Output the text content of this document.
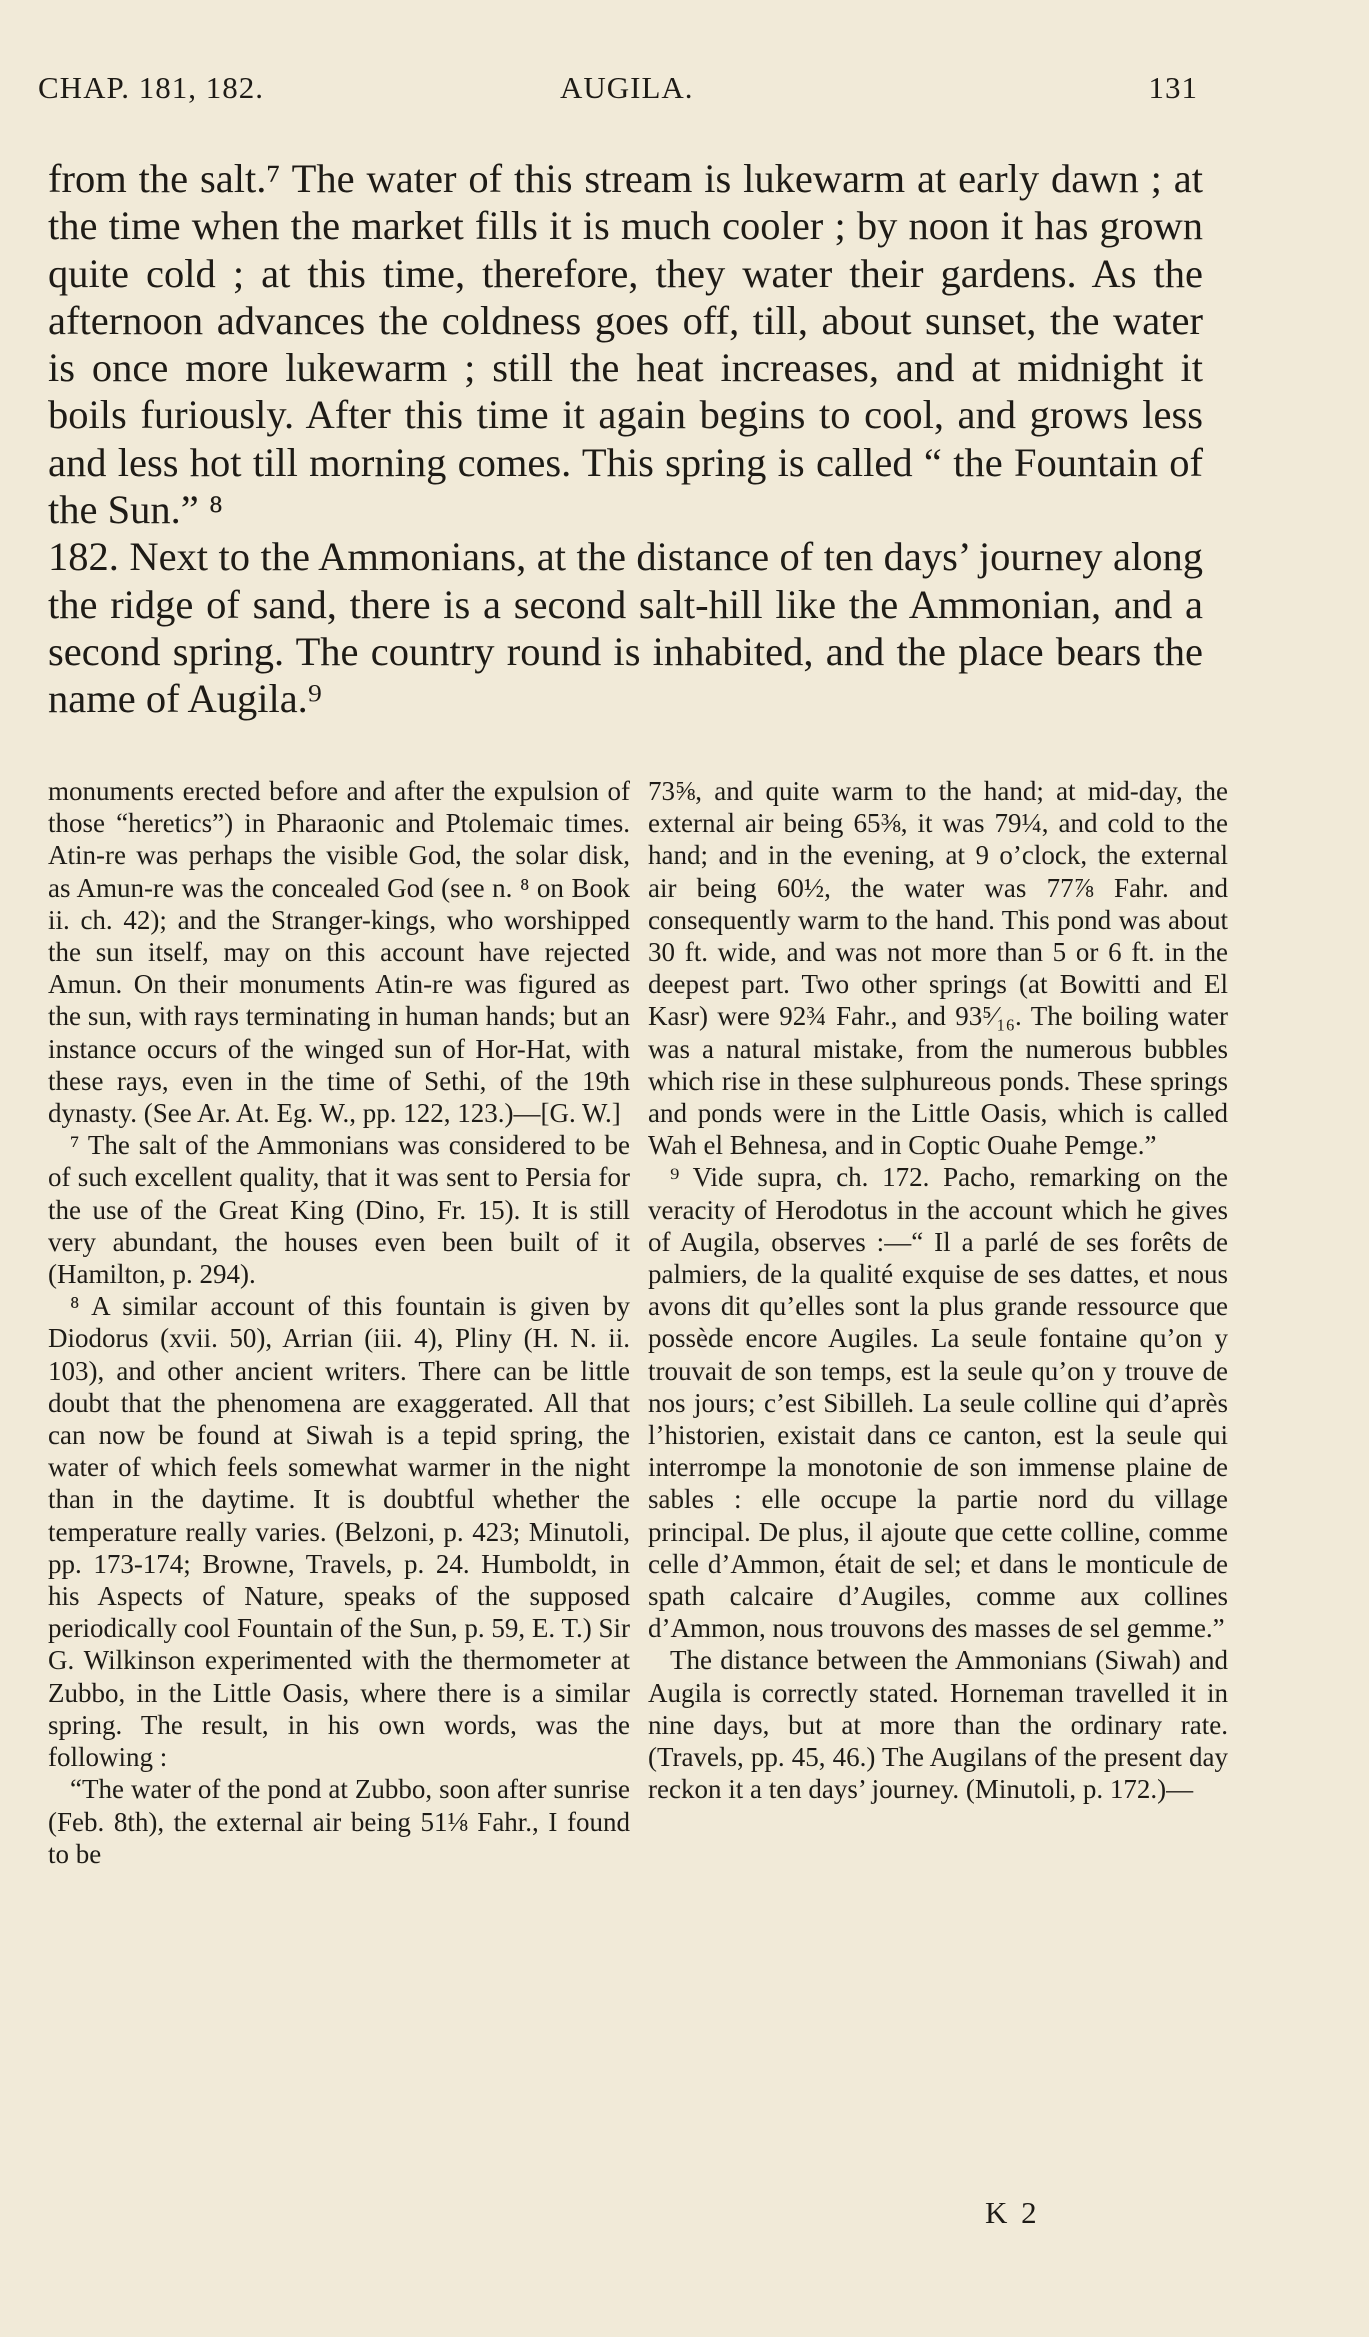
CHAP. 181, 182.	AUGILA.	131

from the salt.⁷ The water of this stream is lukewarm at early dawn ; at the time when the market fills it is much cooler ; by noon it has grown quite cold ; at this time, therefore, they water their gardens. As the afternoon advances the coldness goes off, till, about sunset, the water is once more lukewarm ; still the heat increases, and at midnight it boils furiously. After this time it again begins to cool, and grows less and less hot till morning comes. This spring is called “ the Fountain of the Sun.” ⁸

182. Next to the Ammonians, at the distance of ten days’ journey along the ridge of sand, there is a second salt-hill like the Ammonian, and a second spring. The country round is inhabited, and the place bears the name of Augila.⁹

monuments erected before and after the expulsion of those “heretics”) in Pharaonic and Ptolemaic times. Atin-re was perhaps the visible God, the solar disk, as Amun-re was the concealed God (see n. ⁸ on Book ii. ch. 42); and the Stranger-kings, who worshipped the sun itself, may on this account have rejected Amun. On their monuments Atin-re was figured as the sun, with rays terminating in human hands; but an instance occurs of the winged sun of Hor-Hat, with these rays, even in the time of Sethi, of the 19th dynasty. (See Ar. At. Eg. W., pp. 122, 123.)—[G. W.]

⁷ The salt of the Ammonians was considered to be of such excellent quality, that it was sent to Persia for the use of the Great King (Dino, Fr. 15). It is still very abundant, the houses even been built of it (Hamilton, p. 294).

⁸ A similar account of this fountain is given by Diodorus (xvii. 50), Arrian (iii. 4), Pliny (H. N. ii. 103), and other ancient writers. There can be little doubt that the phenomena are exaggerated. All that can now be found at Siwah is a tepid spring, the water of which feels somewhat warmer in the night than in the daytime. It is doubtful whether the temperature really varies. (Belzoni, p. 423; Minutoli, pp. 173-174; Browne, Travels, p. 24. Humboldt, in his Aspects of Nature, speaks of the supposed periodically cool Fountain of the Sun, p. 59, E. T.) Sir G. Wilkinson experimented with the thermometer at Zubbo, in the Little Oasis, where there is a similar spring. The result, in his own words, was the following :

“The water of the pond at Zubbo, soon after sunrise (Feb. 8th), the external air being 51⅛ Fahr., I found to be

73⅝, and quite warm to the hand; at mid-day, the external air being 65⅜, it was 79¼, and cold to the hand; and in the evening, at 9 o’clock, the external air being 60½, the water was 77⅞ Fahr. and consequently warm to the hand. This pond was about 30 ft. wide, and was not more than 5 or 6 ft. in the deepest part. Two other springs (at Bowitti and El Kasr) were 92¾ Fahr., and 93⁵⁄₁₆. The boiling water was a natural mistake, from the numerous bubbles which rise in these sulphureous ponds. These springs and ponds were in the Little Oasis, which is called Wah el Behnesa, and in Coptic Ouahe Pemge.”

⁹ Vide supra, ch. 172. Pacho, remarking on the veracity of Herodotus in the account which he gives of Augila, observes :—“ Il a parlé de ses forêts de palmiers, de la qualité exquise de ses dattes, et nous avons dit qu’elles sont la plus grande ressource que possède encore Augiles. La seule fontaine qu’on y trouvait de son temps, est la seule qu’on y trouve de nos jours; c’est Sibilleh. La seule colline qui d’après l’historien, existait dans ce canton, est la seule qui interrompe la monotonie de son immense plaine de sables : elle occupe la partie nord du village principal. De plus, il ajoute que cette colline, comme celle d’Ammon, était de sel; et dans le monticule de spath calcaire d’Augiles, comme aux collines d’Ammon, nous trouvons des masses de sel gemme.”

The distance between the Ammonians (Siwah) and Augila is correctly stated. Horneman travelled it in nine days, but at more than the ordinary rate. (Travels, pp. 45, 46.) The Augilans of the present day reckon it a ten days’ journey. (Minutoli, p. 172.)—

K 2
